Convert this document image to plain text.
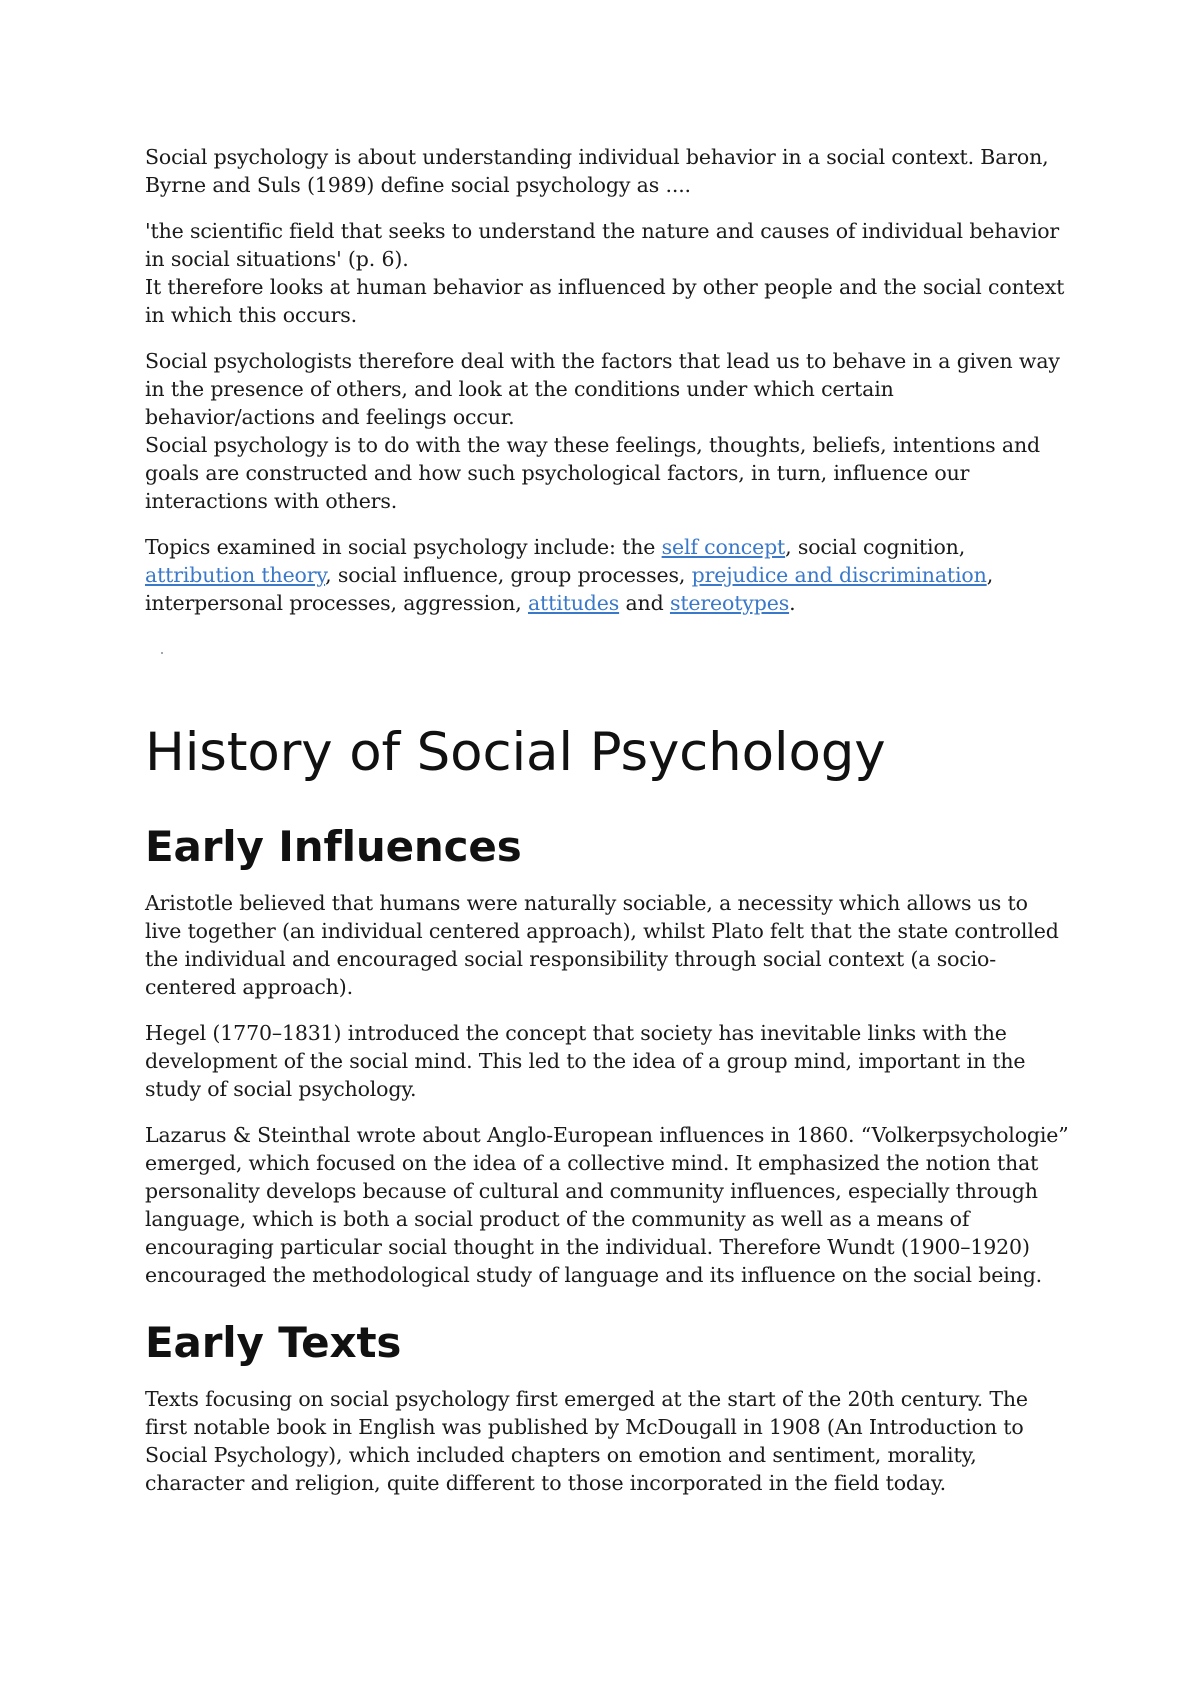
Social psychology is about understanding individual behavior in a social context. Baron, Byrne and Suls (1989) define social psychology as ....

'the scientific field that seeks to understand the nature and causes of individual behavior in social situations' (p. 6).

It therefore looks at human behavior as influenced by other people and the social context in which this occurs.

Social psychologists therefore deal with the factors that lead us to behave in a given way in the presence of others, and look at the conditions under which certain behavior/actions and feelings occur.

Social psychology is to do with the way these feelings, thoughts, beliefs, intentions and goals are constructed and how such psychological factors, in turn, influence our interactions with others.

Topics examined in social psychology include: the self concept, social cognition, attribution theory, social influence, group processes, prejudice and discrimination, interpersonal processes, aggression, attitudes and stereotypes.

History of Social Psychology
Early Influences

Aristotle believed that humans were naturally sociable, a necessity which allows us to live together (an individual centered approach), whilst Plato felt that the state controlled the individual and encouraged social responsibility through social context (a socio-centered approach).

Hegel (1770–1831) introduced the concept that society has inevitable links with the development of the social mind. This led to the idea of a group mind, important in the study of social psychology.

Lazarus & Steinthal wrote about Anglo-European influences in 1860. “Volkerpsychologie” emerged, which focused on the idea of a collective mind. It emphasized the notion that personality develops because of cultural and community influences, especially through language, which is both a social product of the community as well as a means of encouraging particular social thought in the individual. Therefore Wundt (1900–1920) encouraged the methodological study of language and its influence on the social being.

Early Texts

Texts focusing on social psychology first emerged at the start of the 20th century. The first notable book in English was published by McDougall in 1908 (An Introduction to Social Psychology), which included chapters on emotion and sentiment, morality, character and religion, quite different to those incorporated in the field today.
